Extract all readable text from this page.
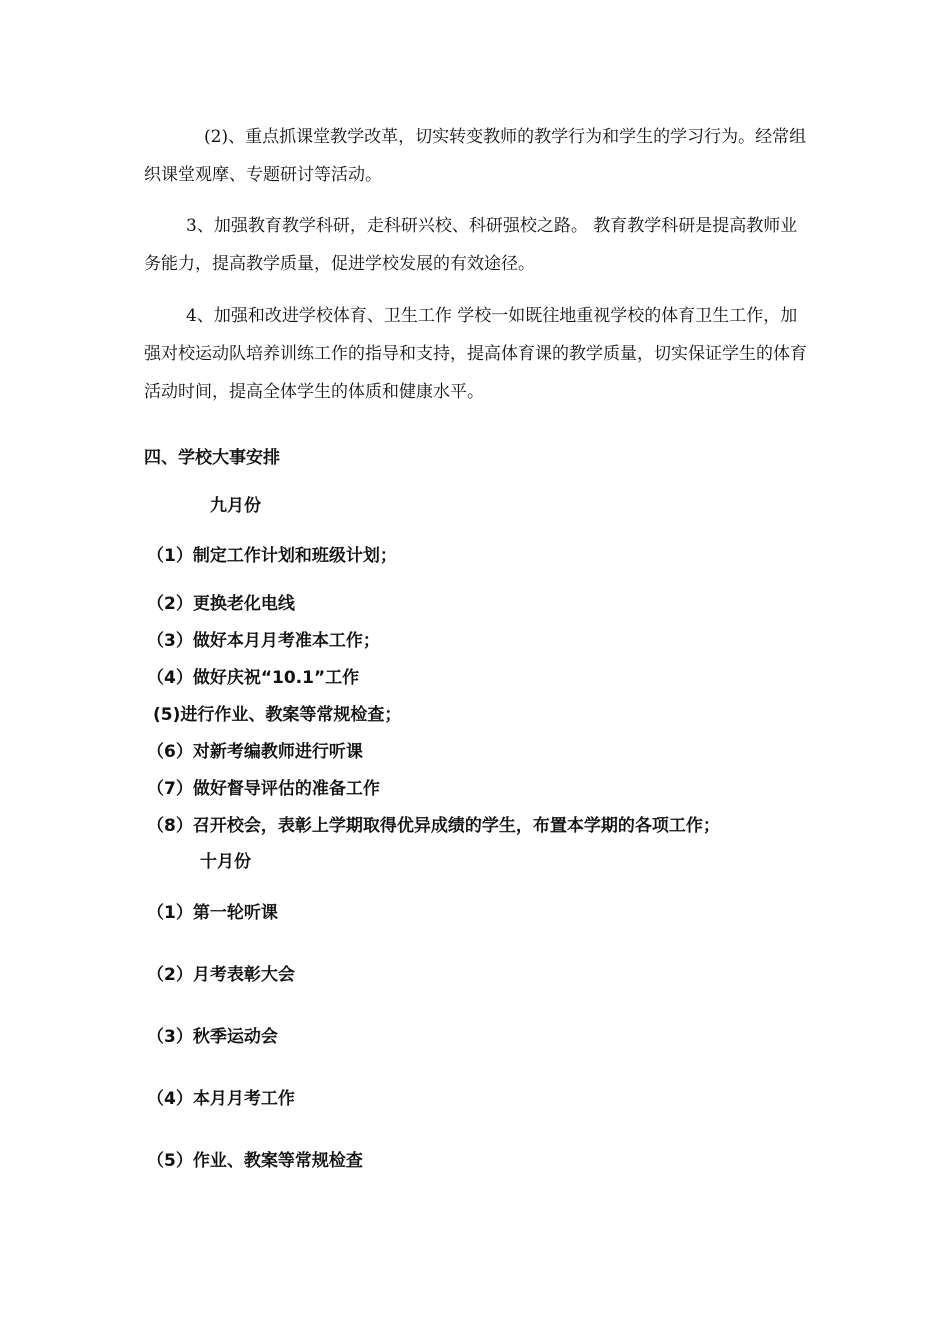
(2)、重点抓课堂教学改革，切实转变教师的教学行为和学生的学习行为。经常组织课堂观摩、专题研讨等活动。

3、加强教育教学科研，走科研兴校、科研强校之路。 教育教学科研是提高教师业务能力，提高教学质量，促进学校发展的有效途径。

4、加强和改进学校体育、卫生工作 学校一如既往地重视学校的体育卫生工作，加强对校运动队培养训练工作的指导和支持，提高体育课的教学质量，切实保证学生的体育活动时间，提高全体学生的体质和健康水平。

四、学校大事安排
九月份
（1）制定工作计划和班级计划；
（2）更换老化电线
（3）做好本月月考准本工作；
（4）做好庆祝“10.1”工作
(5)进行作业、教案等常规检查；
（6）对新考编教师进行听课
（7）做好督导评估的准备工作
（8）召开校会，表彰上学期取得优异成绩的学生，布置本学期的各项工作；
十月份
（1）第一轮听课
（2）月考表彰大会
（3）秋季运动会
（4）本月月考工作
（5）作业、教案等常规检查
